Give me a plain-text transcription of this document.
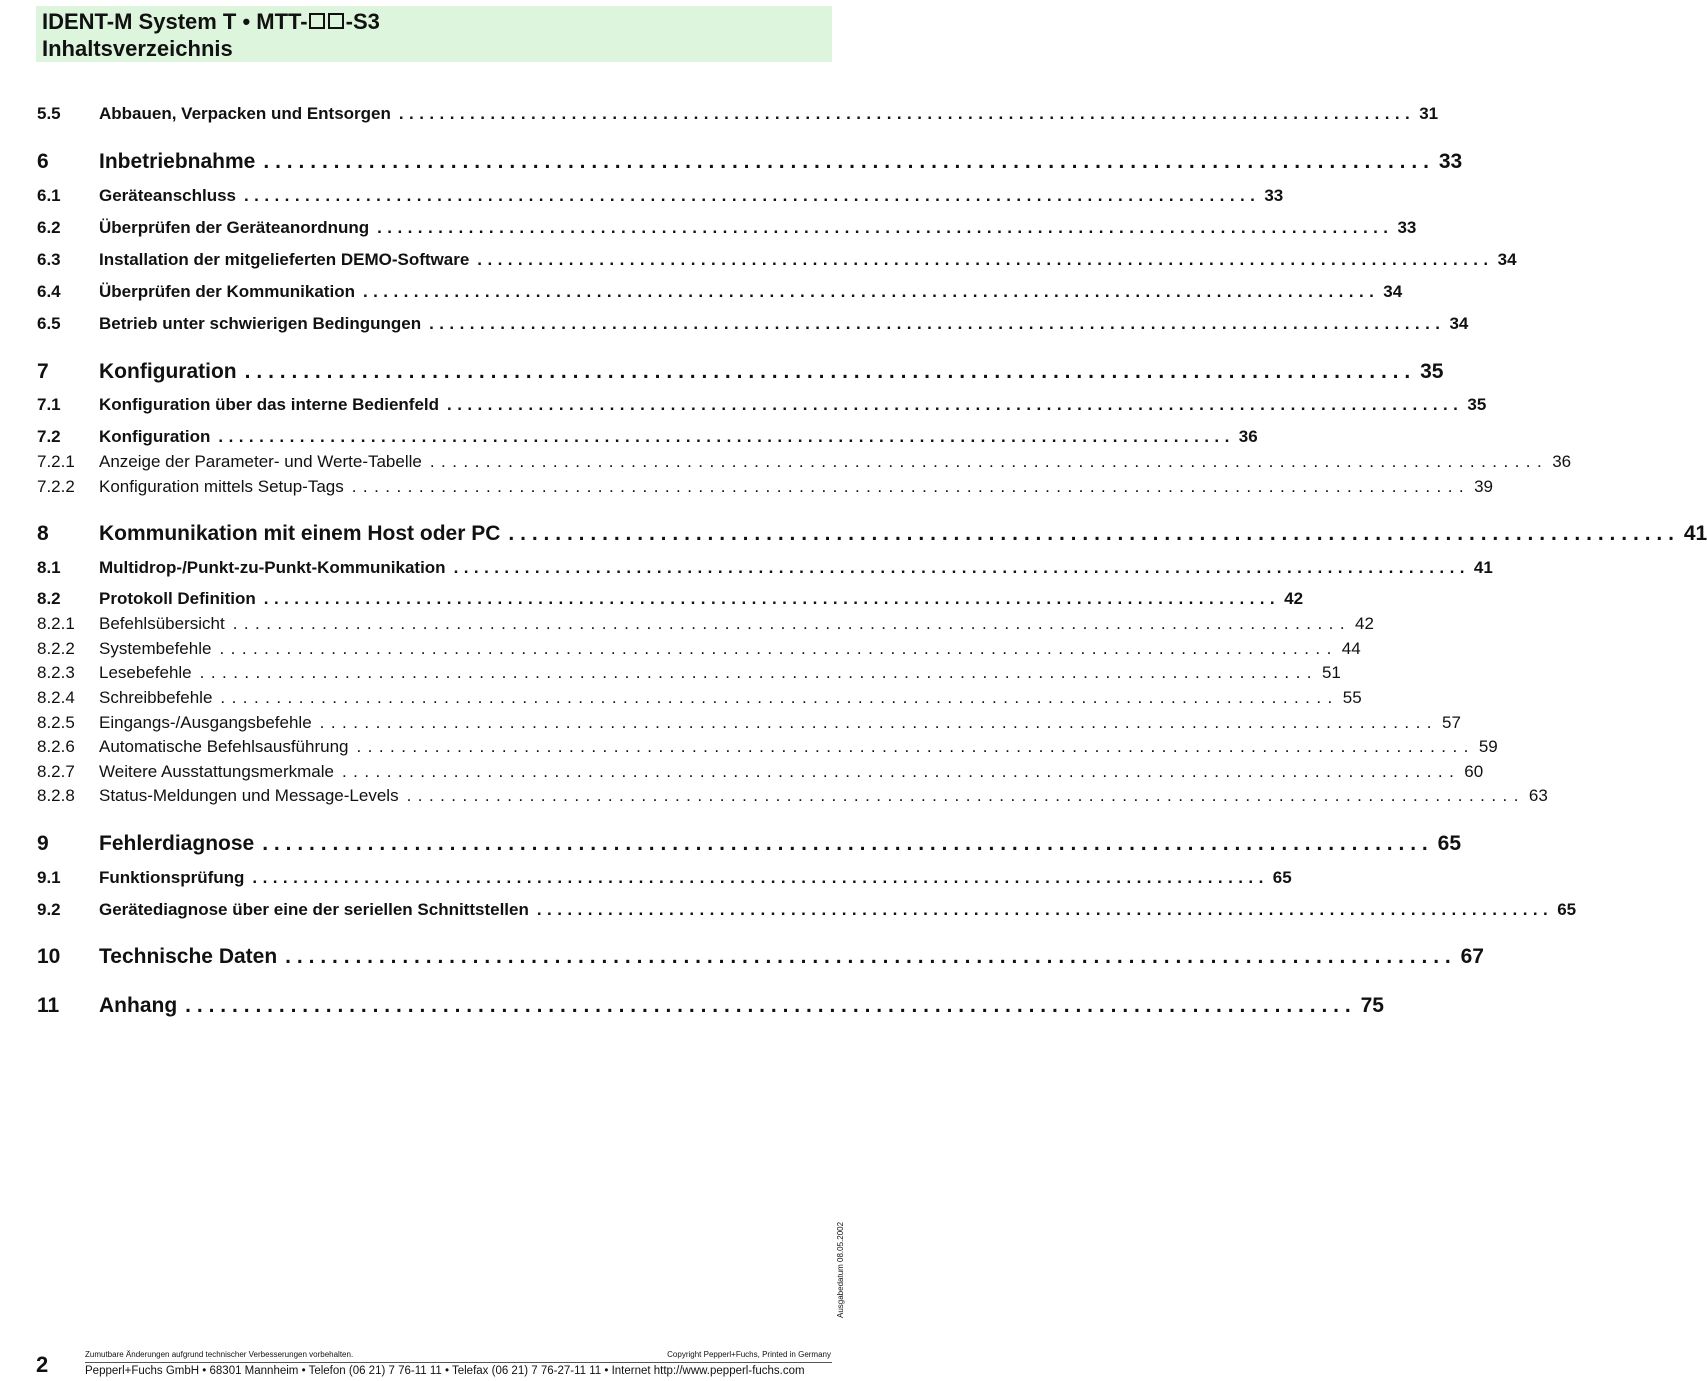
IDENT-M System T • MTT- -S3
Inhaltsverzeichnis
5.5	Abbauen, Verpacken und Entsorgen .................................................................................................... 31
6	Inbetriebnahme .................................................................................................... 33
6.1	Geräteanschluss .................................................................................................... 33
6.2	Überprüfen der Geräteanordnung .................................................................................................... 33
6.3	Installation der mitgelieferten DEMO-Software .................................................................................................... 34
6.4	Überprüfen der Kommunikation .................................................................................................... 34
6.5	Betrieb unter schwierigen Bedingungen .................................................................................................... 34
7	Konfiguration .................................................................................................... 35
7.1	Konfiguration über das interne Bedienfeld .................................................................................................... 35
7.2	Konfiguration .................................................................................................... 36
7.2.1	Anzeige der Parameter- und Werte-Tabelle .................................................................................................... 36
7.2.2	Konfiguration mittels Setup-Tags .................................................................................................... 39
8	Kommunikation mit einem Host oder PC .................................................................................................... 41
8.1	Multidrop-/Punkt-zu-Punkt-Kommunikation .................................................................................................... 41
8.2	Protokoll Definition .................................................................................................... 42
8.2.1	Befehlsübersicht .................................................................................................... 42
8.2.2	Systembefehle .................................................................................................... 44
8.2.3	Lesebefehle .................................................................................................... 51
8.2.4	Schreibbefehle .................................................................................................... 55
8.2.5	Eingangs-/Ausgangsbefehle .................................................................................................... 57
8.2.6	Automatische Befehlsausführung .................................................................................................... 59
8.2.7	Weitere Ausstattungsmerkmale .................................................................................................... 60
8.2.8	Status-Meldungen und Message-Levels .................................................................................................... 63
9	Fehlerdiagnose .................................................................................................... 65
9.1	Funktionsprüfung .................................................................................................... 65
9.2	Gerätediagnose über eine der seriellen Schnittstellen .................................................................................................... 65
10	Technische Daten .................................................................................................... 67
11	Anhang .................................................................................................... 75
Ausgabedatum 08.05.2002
2	Zumutbare Änderungen aufgrund technischer Verbesserungen vorbehalten.	Copyright Pepperl+Fuchs, Printed in Germany
Pepperl+Fuchs GmbH • 68301 Mannheim • Telefon (06 21) 7 76-11 11 • Telefax (06 21) 7 76-27-11 11 • Internet http://www.pepperl-fuchs.com
